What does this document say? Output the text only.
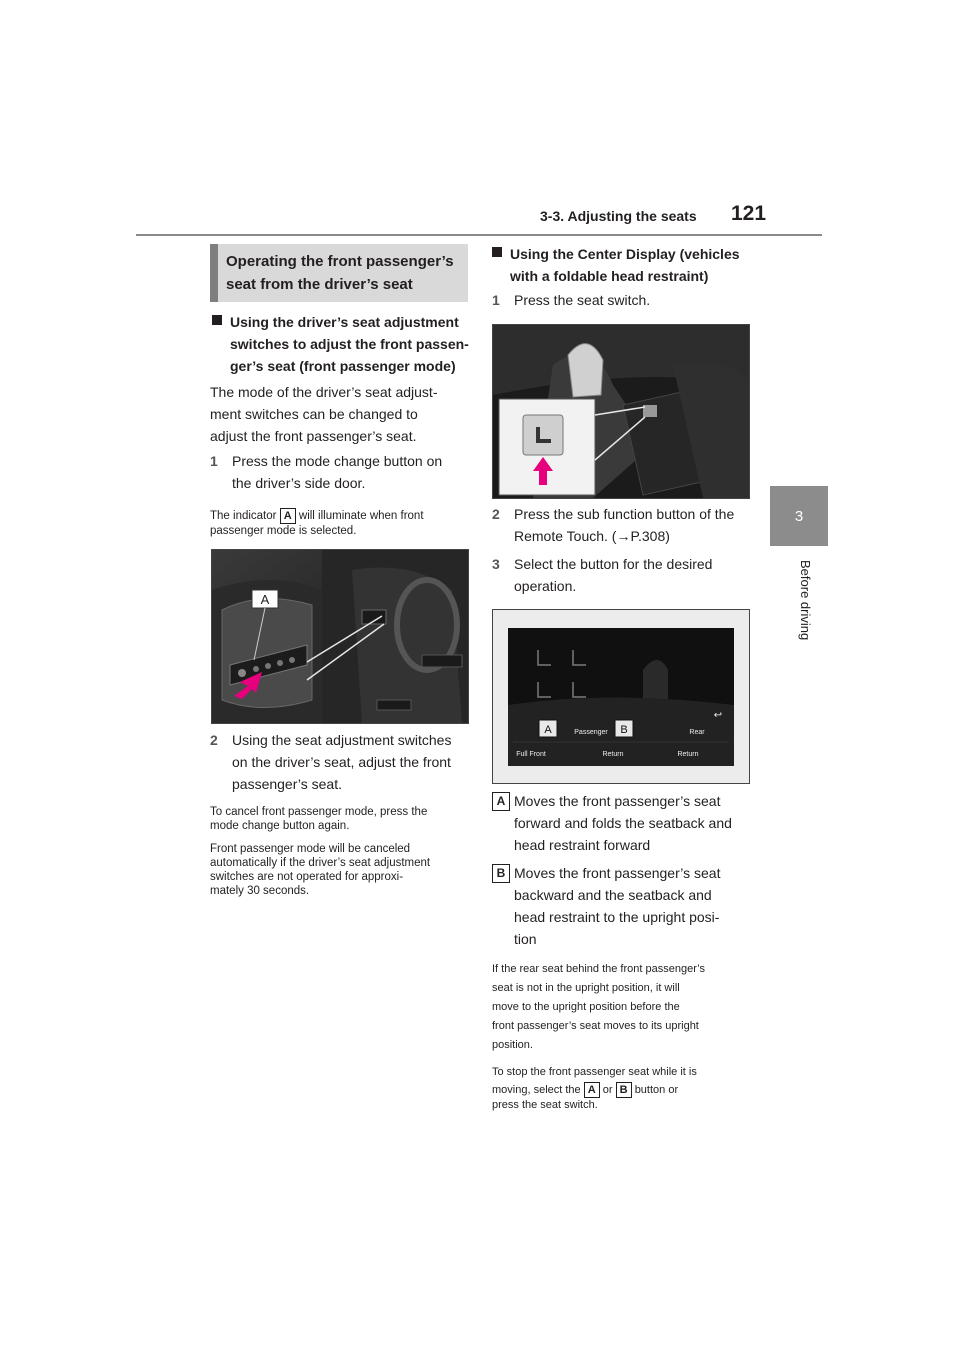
3-3. Adjusting the seats 121
3
Before driving
Operating the front passenger’s
seat from the driver’s seat
Using the driver’s seat adjustment
switches to adjust the front passen-
ger’s seat (front passenger mode)
The mode of the driver’s seat adjust-
ment switches can be changed to
adjust the front passenger’s seat.
1 Press the mode change button on
the driver’s side door.
The indicator A will illuminate when front
passenger mode is selected.
A
2 Using the seat adjustment switches
on the driver’s seat, adjust the front
passenger’s seat.
To cancel front passenger mode, press the
mode change button again.
Front passenger mode will be canceled
automatically if the driver’s seat adjustment
switches are not operated for approxi-
mately 30 seconds.
Using the Center Display (vehicles
with a foldable head restraint)
1 Press the seat switch.
2 Press the sub function button of the
Remote Touch. (→P.308)
3 Select the button for the desired
operation.
A	Passenger B	Rear
↩
Full Front	Return	Return
A Moves the front passenger’s seat
forward and folds the seatback and
head restraint forward
B Moves the front passenger’s seat
backward and the seatback and
head restraint to the upright posi-
tion
If the rear seat behind the front passenger’s
seat is not in the upright position, it will
move to the upright position before the
front passenger’s seat moves to its upright
position.
To stop the front passenger seat while it is
moving, select the A or B button or
press the seat switch.
